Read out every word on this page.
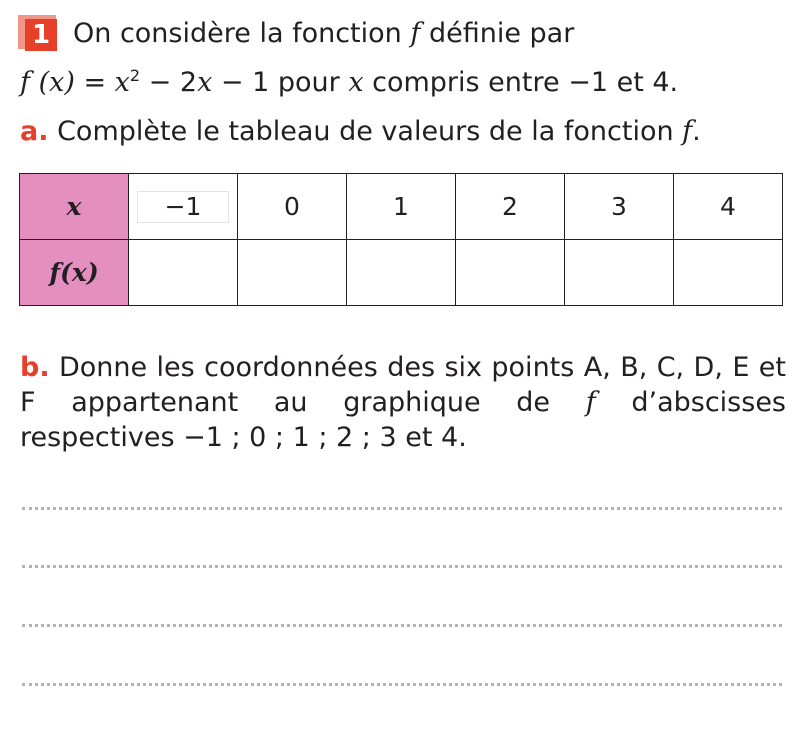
1 On considère la fonction f définie par
f $(x) = x^2 - 2x - 1$ pour x compris entre −1 et 4.
a. Complète le tableau de valeurs de la fonction f.
x	−1	0	1	2	3	4
f(x)						
b. Donne les coordonnées des six points A, B, C, D, E et F appartenant au graphique de f d’abscisses respectives −1 ; 0 ; 1 ; 2 ; 3 et 4.
